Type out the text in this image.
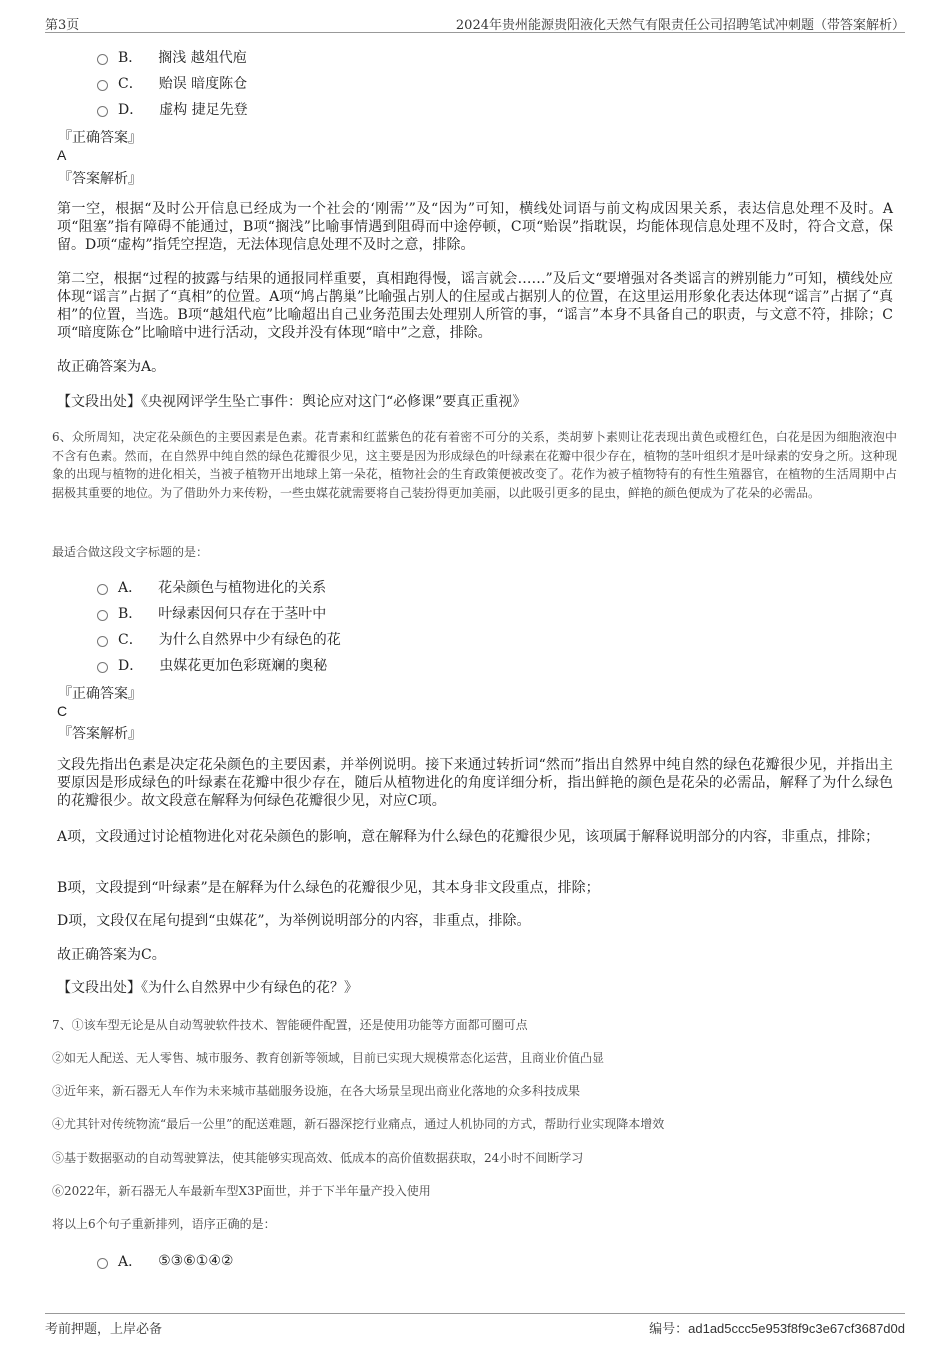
第3页	2024年贵州能源贵阳液化天然气有限责任公司招聘笔试冲刺题（带答案解析）
B． 搁浅 越俎代庖
C． 贻误 暗度陈仓
D． 虚构 捷足先登
『正确答案』
A
『答案解析』
第一空，根据“及时公开信息已经成为一个社会的‘刚需’”及“因为”可知，横线处词语与前文构成因果关系，表达信息处理不及时。A项“阻塞”指有障碍不能通过，B项“搁浅”比喻事情遇到阻碍而中途停顿，C项“贻误”指耽误，均能体现信息处理不及时，符合文意，保留。D项“虚构”指凭空捏造，无法体现信息处理不及时之意，排除。
第二空，根据“过程的披露与结果的通报同样重要，真相跑得慢，谣言就会……”及后文“要增强对各类谣言的辨别能力”可知，横线处应体现“谣言”占据了“真相”的位置。A项“鸠占鹊巢”比喻强占别人的住屋或占据别人的位置，在这里运用形象化表达体现“谣言”占据了“真相”的位置，当选。B项“越俎代庖”比喻超出自己业务范围去处理别人所管的事，“谣言”本身不具备自己的职责，与文意不符，排除；C项“暗度陈仓”比喻暗中进行活动，文段并没有体现“暗中”之意，排除。
故正确答案为A。
【文段出处】《央视网评学生坠亡事件：舆论应对这门“必修课”要真正重视》
6、众所周知，决定花朵颜色的主要因素是色素。花青素和红蓝紫色的花有着密不可分的关系，类胡萝卜素则让花表现出黄色或橙红色，白花是因为细胞液泡中不含有色素。然而，在自然界中纯自然的绿色花瓣很少见，这主要是因为形成绿色的叶绿素在花瓣中很少存在，植物的茎叶组织才是叶绿素的安身之所。这种现象的出现与植物的进化相关，当被子植物开出地球上第一朵花，植物社会的生育政策便被改变了。花作为被子植物特有的有性生殖器官，在植物的生活周期中占据极其重要的地位。为了借助外力来传粉，一些虫媒花就需要将自己装扮得更加美丽，以此吸引更多的昆虫，鲜艳的颜色便成为了花朵的必需品。
最适合做这段文字标题的是：
A． 花朵颜色与植物进化的关系
B． 叶绿素因何只存在于茎叶中
C． 为什么自然界中少有绿色的花
D． 虫媒花更加色彩斑斓的奥秘
『正确答案』
C
『答案解析』
文段先指出色素是决定花朵颜色的主要因素，并举例说明。接下来通过转折词“然而”指出自然界中纯自然的绿色花瓣很少见，并指出主要原因是形成绿色的叶绿素在花瓣中很少存在，随后从植物进化的角度详细分析，指出鲜艳的颜色是花朵的必需品，解释了为什么绿色的花瓣很少。故文段意在解释为何绿色花瓣很少见，对应C项。
A项，文段通过讨论植物进化对花朵颜色的影响，意在解释为什么绿色的花瓣很少见，该项属于解释说明部分的内容，非重点，排除；
B项，文段提到“叶绿素”是在解释为什么绿色的花瓣很少见，其本身非文段重点，排除；
D项，文段仅在尾句提到“虫媒花”，为举例说明部分的内容，非重点，排除。
故正确答案为C。
【文段出处】《为什么自然界中少有绿色的花？》
7、①该车型无论是从自动驾驶软件技术、智能硬件配置，还是使用功能等方面都可圈可点
②如无人配送、无人零售、城市服务、教育创新等领域，目前已实现大规模常态化运营，且商业价值凸显
③近年来，新石器无人车作为未来城市基础服务设施，在各大场景呈现出商业化落地的众多科技成果
④尤其针对传统物流“最后一公里”的配送难题，新石器深挖行业痛点，通过人机协同的方式，帮助行业实现降本增效
⑤基于数据驱动的自动驾驶算法，使其能够实现高效、低成本的高价值数据获取，24小时不间断学习
⑥2022年，新石器无人车最新车型X3P面世，并于下半年量产投入使用
将以上6个句子重新排列，语序正确的是：
A． ⑤③⑥①④②
考前押题，上岸必备	编号：ad1ad5ccc5e953f8f9c3e67cf3687d0d
